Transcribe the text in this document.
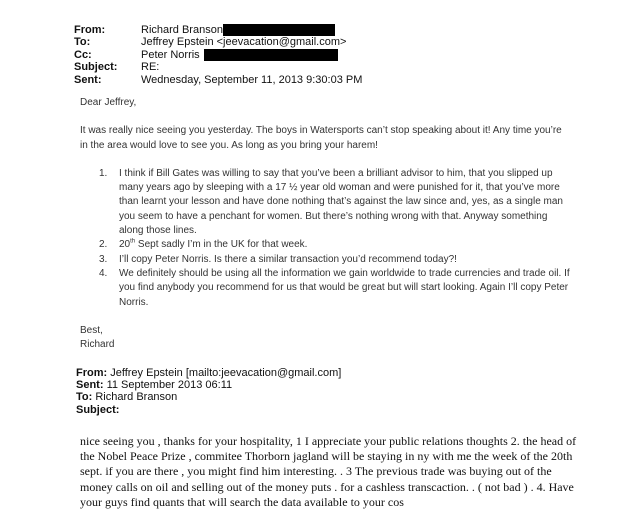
From:	Richard Branson
To:	Jeffrey Epstein <jeevacation@gmail.com>
Cc:	Peter Norris
Subject:	RE:
Sent:	Wednesday, September 11, 2013 9:30:03 PM

Dear Jeffrey,

It was really nice seeing you yesterday. The boys in Watersports can’t stop speaking about it! Any time you’re in the area would love to see you. As long as you bring your harem!

1. I think if Bill Gates was willing to say that you’ve been a brilliant advisor to him, that you slipped up many years ago by sleeping with a 17 ½ year old woman and were punished for it, that you’ve more than learnt your lesson and have done nothing that’s against the law since and, yes, as a single man you seem to have a penchant for women. But there’s nothing wrong with that. Anyway something along those lines.
2. 20th Sept sadly I’m in the UK for that week.
3. I’ll copy Peter Norris. Is there a similar transaction you’d recommend today?!
4. We definitely should be using all the information we gain worldwide to trade currencies and trade oil. If you find anybody you recommend for us that would be great but will start looking. Again I’ll copy Peter Norris.

Best,

Richard

From: Jeffrey Epstein [mailto:jeevacation@gmail.com]
Sent: 11 September 2013 06:11
To: Richard Branson
Subject:
nice seeing you , thanks for your hospitality, 1 I appreciate your public relations thoughts 2. the head of the Nobel Peace Prize , commitee Thorborn jagland will be staying in ny with me the week of the 20th sept. if you are there , you might find him interesting. . 3 The previous trade was buying out of the money calls on oil and selling out of the money puts . for a cashless transcaction. . ( not bad ) . 4. Have your guys find quants that will search the data available to your cos
